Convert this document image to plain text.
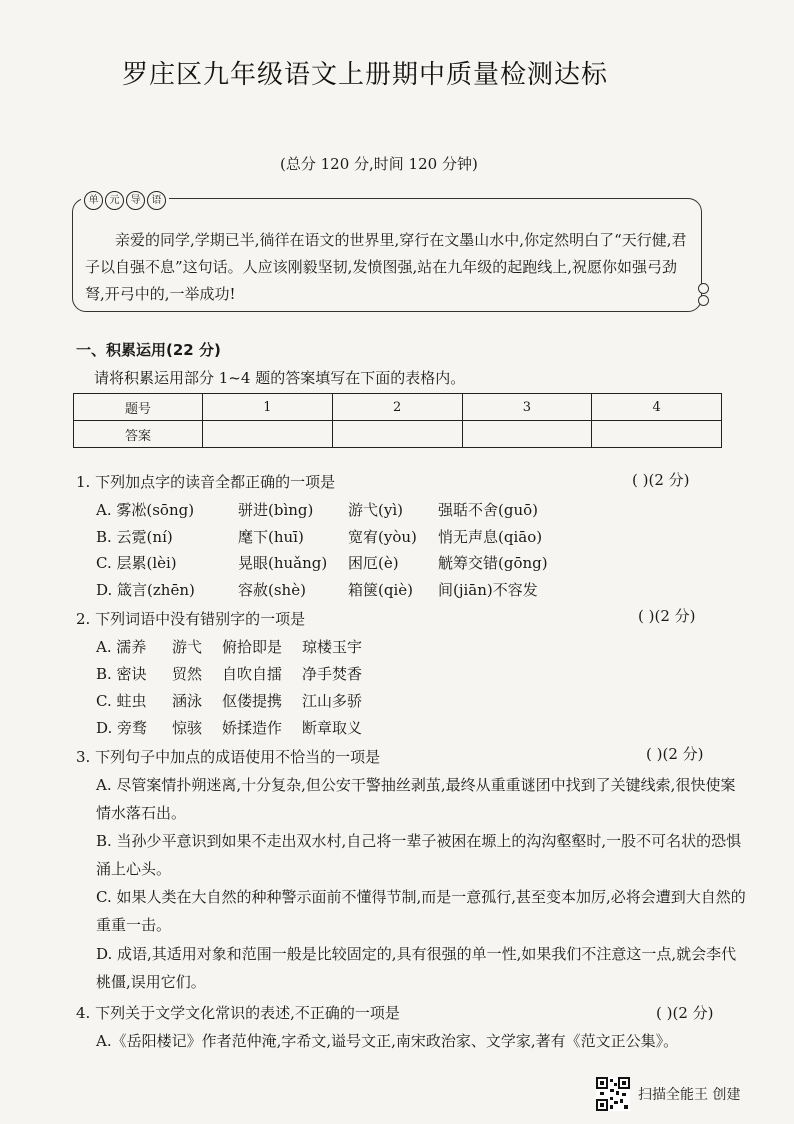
罗庄区九年级语文上册期中质量检测达标
(总分 120 分,时间 120 分钟)
单	元	导	语
亲爱的同学,学期已半,徜徉在语文的世界里,穿行在文墨山水中,你定然明白了“天行健,君子以自强不息”这句话。人应该刚毅坚韧,发愤图强,站在九年级的起跑线上,祝愿你如强弓劲弩,开弓中的,一举成功!
一、积累运用(22 分)
请将积累运用部分 1~4 题的答案填写在下面的表格内。
题号	1	2	3	4
答案				
1. 下列加点字的读音全都正确的一项是	( )(2 分)
A. 雾凇(sōng)	骈进(bìng) 游弋(yì) 强聒不舍(guō)
B. 云霓(ní)	麾下(huī)	宽宥(yòu) 悄无声息(qiāo)
C. 层累(lèi)	晃眼(huǎng) 困厄(è)	觥筹交错(gōng)
D. 箴言(zhēn)	容赦(shè)	箱箧(qiè) 间(jiān)不容发
2. 下列词语中没有错别字的一项是	( )(2 分)
A. 濡养 游弋 俯拾即是 琼楼玉宇
B. 密诀 贸然 自吹自擂 净手焚香
C. 蛀虫 涵泳 伛偻提携 江山多骄
D. 旁骛 惊骇 娇揉造作 断章取义
3. 下列句子中加点的成语使用不恰当的一项是	( )(2 分)
A. 尽管案情扑朔迷离,十分复杂,但公安干警抽丝剥茧,最终从重重谜团中找到了关键线索,很快使案情水落石出。
B. 当孙少平意识到如果不走出双水村,自己将一辈子被困在塬上的沟沟壑壑时,一股不可名状的恐惧涌上心头。
C. 如果人类在大自然的种种警示面前不懂得节制,而是一意孤行,甚至变本加厉,必将会遭到大自然的重重一击。
D. 成语,其适用对象和范围一般是比较固定的,具有很强的单一性,如果我们不注意这一点,就会李代桃僵,误用它们。
4. 下列关于文学文化常识的表述,不正确的一项是	( )(2 分)
A.《岳阳楼记》作者范仲淹,字希文,谥号文正,南宋政治家、文学家,著有《范文正公集》。
扫描全能王 创建
